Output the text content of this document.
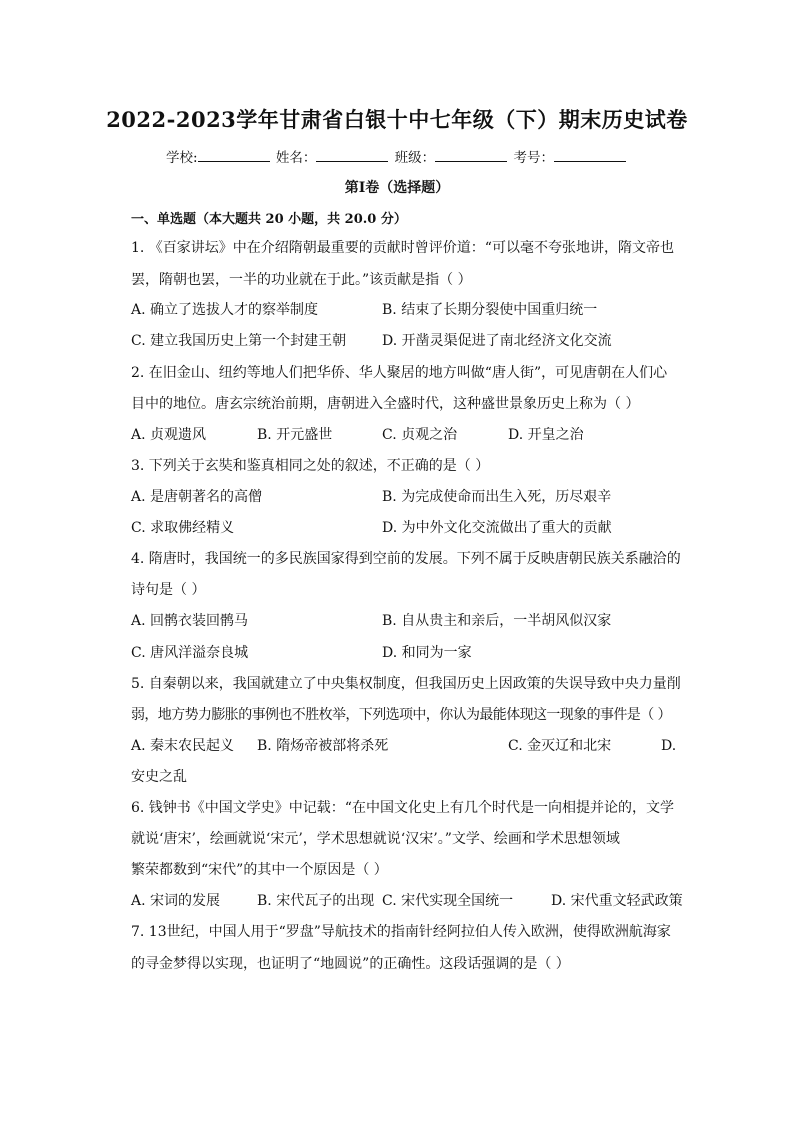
2022-2023学年甘肃省白银十中七年级（下）期末历史试卷
学校:	姓名：	班级：	考号：
第I卷（选择题）
一、单选题（本大题共 20 小题，共 20.0 分）
1. 《百家讲坛》中在介绍隋朝最重要的贡献时曾评价道：“可以毫不夸张地讲，隋文帝也
罢，隋朝也罢，一半的功业就在于此。”该贡献是指（ ）
A. 确立了选拔人才的察举制度	B. 结束了长期分裂使中国重归统一
C. 建立我国历史上第一个封建王朝	D. 开凿灵渠促进了南北经济文化交流
2. 在旧金山、纽约等地人们把华侨、华人聚居的地方叫做“唐人街”，可见唐朝在人们心
目中的地位。唐玄宗统治前期，唐朝进入全盛时代，这种盛世景象历史上称为（ ）
A. 贞观遗风	B. 开元盛世	C. 贞观之治	D. 开皇之治
3. 下列关于玄奘和鉴真相同之处的叙述，不正确的是（ ）
A. 是唐朝著名的高僧	B. 为完成使命而出生入死，历尽艰辛
C. 求取佛经精义	D. 为中外文化交流做出了重大的贡献
4. 隋唐时，我国统一的多民族国家得到空前的发展。下列不属于反映唐朝民族关系融洽的
诗句是（ ）
A. 回鹘衣装回鹘马	B. 自从贵主和亲后，一半胡风似汉家
C. 唐风洋溢奈良城	D. 和同为一家
5. 自秦朝以来，我国就建立了中央集权制度，但我国历史上因政策的失误导致中央力量削
弱，地方势力膨胀的事例也不胜枚举，下列选项中，你认为最能体现这一现象的事件是（ ）
A. 秦末农民起义 B. 隋炀帝被部将杀死	C. 金灭辽和北宋	D.
安史之乱
6. 钱钟书《中国文学史》中记载：“在中国文化史上有几个时代是一向相提并论的，文学
就说‘唐宋’，绘画就说‘宋元’，学术思想就说‘汉宋’。”文学、绘画和学术思想领域
繁荣都数到“宋代”的其中一个原因是（ ）
A. 宋词的发展	B. 宋代瓦子的出现 C. 宋代实现全国统一	D. 宋代重文轻武政策
7. 13世纪，中国人用于“罗盘”导航技术的指南针经阿拉伯人传入欧洲，使得欧洲航海家
的寻金梦得以实现，也证明了“地圆说”的正确性。这段话强调的是（ ）
